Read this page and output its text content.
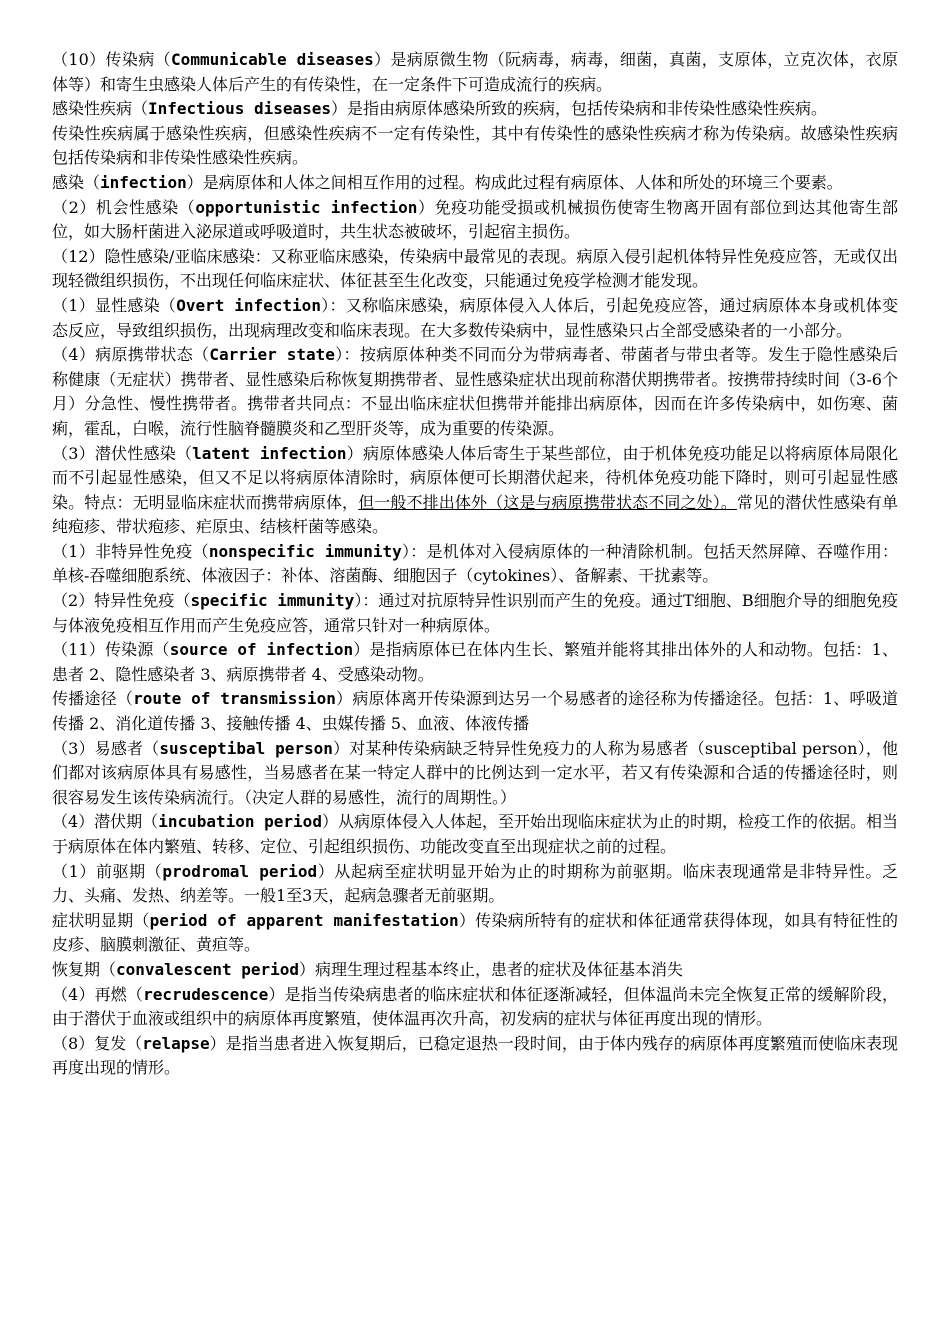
（10）传染病（Communicable diseases）是病原微生物（阮病毒，病毒，细菌，真菌，支原体，立克次体，衣原体等）和寄生虫感染人体后产生的有传染性，在一定条件下可造成流行的疾病。

感染性疾病（Infectious diseases）是指由病原体感染所致的疾病，包括传染病和非传染性感染性疾病。

传染性疾病属于感染性疾病，但感染性疾病不一定有传染性，其中有传染性的感染性疾病才称为传染病。故感染性疾病包括传染病和非传染性感染性疾病。

感染（infection）是病原体和人体之间相互作用的过程。构成此过程有病原体、人体和所处的环境三个要素。

（2）机会性感染（opportunistic infection）免疫功能受损或机械损伤使寄生物离开固有部位到达其他寄生部位，如大肠杆菌进入泌尿道或呼吸道时，共生状态被破坏，引起宿主损伤。

（12）隐性感染/亚临床感染：又称亚临床感染，传染病中最常见的表现。病原入侵引起机体特异性免疫应答，无或仅出现轻微组织损伤，不出现任何临床症状、体征甚至生化改变，只能通过免疫学检测才能发现。

（1）显性感染（Overt infection）：又称临床感染，病原体侵入人体后，引起免疫应答，通过病原体本身或机体变态反应，导致组织损伤，出现病理改变和临床表现。在大多数传染病中，显性感染只占全部受感染者的一小部分。

（4）病原携带状态（Carrier state）：按病原体种类不同而分为带病毒者、带菌者与带虫者等。发生于隐性感染后称健康（无症状）携带者、显性感染后称恢复期携带者、显性感染症状出现前称潜伏期携带者。按携带持续时间（3-6个月）分急性、慢性携带者。携带者共同点：不显出临床症状但携带并能排出病原体，因而在许多传染病中，如伤寒、菌痢，霍乱，白喉，流行性脑脊髓膜炎和乙型肝炎等，成为重要的传染源。

（3）潜伏性感染（latent infection）病原体感染人体后寄生于某些部位，由于机体免疫功能足以将病原体局限化而不引起显性感染，但又不足以将病原体清除时，病原体便可长期潜伏起来，待机体免疫功能下降时，则可引起显性感染。特点：无明显临床症状而携带病原体，但一般不排出体外（这是与病原携带状态不同之处）。常见的潜伏性感染有单纯疱疹、带状疱疹、疟原虫、结核杆菌等感染。

（1）非特异性免疫（nonspecific immunity）：是机体对入侵病原体的一种清除机制。包括天然屏障、吞噬作用：单核-吞噬细胞系统、体液因子：补体、溶菌酶、细胞因子（cytokines）、备解素、干扰素等。

（2）特异性免疫（specific immunity）：通过对抗原特异性识别而产生的免疫。通过T细胞、B细胞介导的细胞免疫与体液免疫相互作用而产生免疫应答，通常只针对一种病原体。

（11）传染源（source of infection）是指病原体已在体内生长、繁殖并能将其排出体外的人和动物。包括：1、患者 2、隐性感染者 3、病原携带者 4、受感染动物。

传播途径（route of transmission）病原体离开传染源到达另一个易感者的途径称为传播途径。包括：1、呼吸道传播 2、消化道传播 3、接触传播 4、虫媒传播 5、血液、体液传播

（3）易感者（susceptibal person）对某种传染病缺乏特异性免疫力的人称为易感者（susceptibal person），他们都对该病原体具有易感性，当易感者在某一特定人群中的比例达到一定水平，若又有传染源和合适的传播途径时，则很容易发生该传染病流行。（决定人群的易感性，流行的周期性。）

（4）潜伏期（incubation period）从病原体侵入人体起，至开始出现临床症状为止的时期，检疫工作的依据。相当于病原体在体内繁殖、转移、定位、引起组织损伤、功能改变直至出现症状之前的过程。

（1）前驱期（prodromal period）从起病至症状明显开始为止的时期称为前驱期。临床表现通常是非特异性。乏力、头痛、发热、纳差等。一般1至3天，起病急骤者无前驱期。

症状明显期（period of apparent manifestation）传染病所特有的症状和体征通常获得体现，如具有特征性的皮疹、脑膜刺激征、黄疸等。

恢复期（convalescent period）病理生理过程基本终止，患者的症状及体征基本消失

（4）再燃（recrudescence）是指当传染病患者的临床症状和体征逐渐减轻，但体温尚未完全恢复正常的缓解阶段，由于潜伏于血液或组织中的病原体再度繁殖，使体温再次升高，初发病的症状与体征再度出现的情形。

（8）复发（relapse）是指当患者进入恢复期后，已稳定退热一段时间，由于体内残存的病原体再度繁殖而使临床表现再度出现的情形。
